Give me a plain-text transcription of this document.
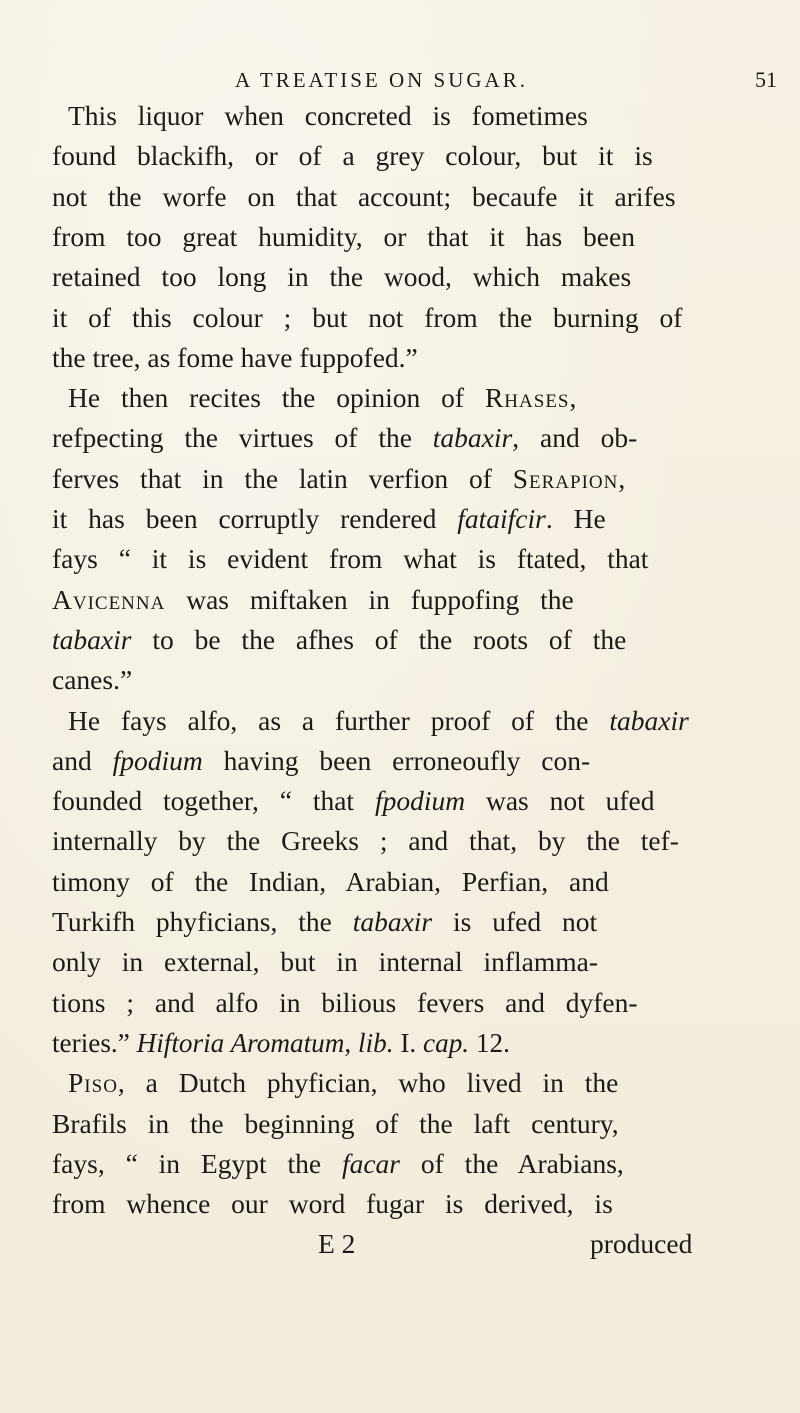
A TREATISE ON SUGAR.	51
This liquor when concreted is fometimes
found blackifh, or of a grey colour, but it is
not the worfe on that account; becaufe it arifes
from too great humidity, or that it has been
retained too long in the wood, which makes
it of this colour ; but not from the burning of
the tree, as fome have fuppofed.”
He then recites the opinion of Rhases,
refpecting the virtues of the tabaxir, and ob-
ferves that in the latin verfion of Serapion,
it has been corruptly rendered fataifcir. He
fays “ it is evident from what is ftated, that
Avicenna was miftaken in fuppofing the
tabaxir to be the afhes of the roots of the
canes.”
He fays alfo, as a further proof of the tabaxir
and fpodium having been erroneoufly con-
founded together, “ that fpodium was not ufed
internally by the Greeks ; and that, by the tef-
timony of the Indian, Arabian, Perfian, and
Turkifh phyficians, the tabaxir is ufed not
only in external, but in internal inflamma-
tions ; and alfo in bilious fevers and dyfen-
teries.” Hiftoria Aromatum, lib. I. cap. 12.
Piso, a Dutch phyfician, who lived in the
Brafils in the beginning of the laft century,
fays, “ in Egypt the facar of the Arabians,
from whence our word fugar is derived, is
E 2	produced
